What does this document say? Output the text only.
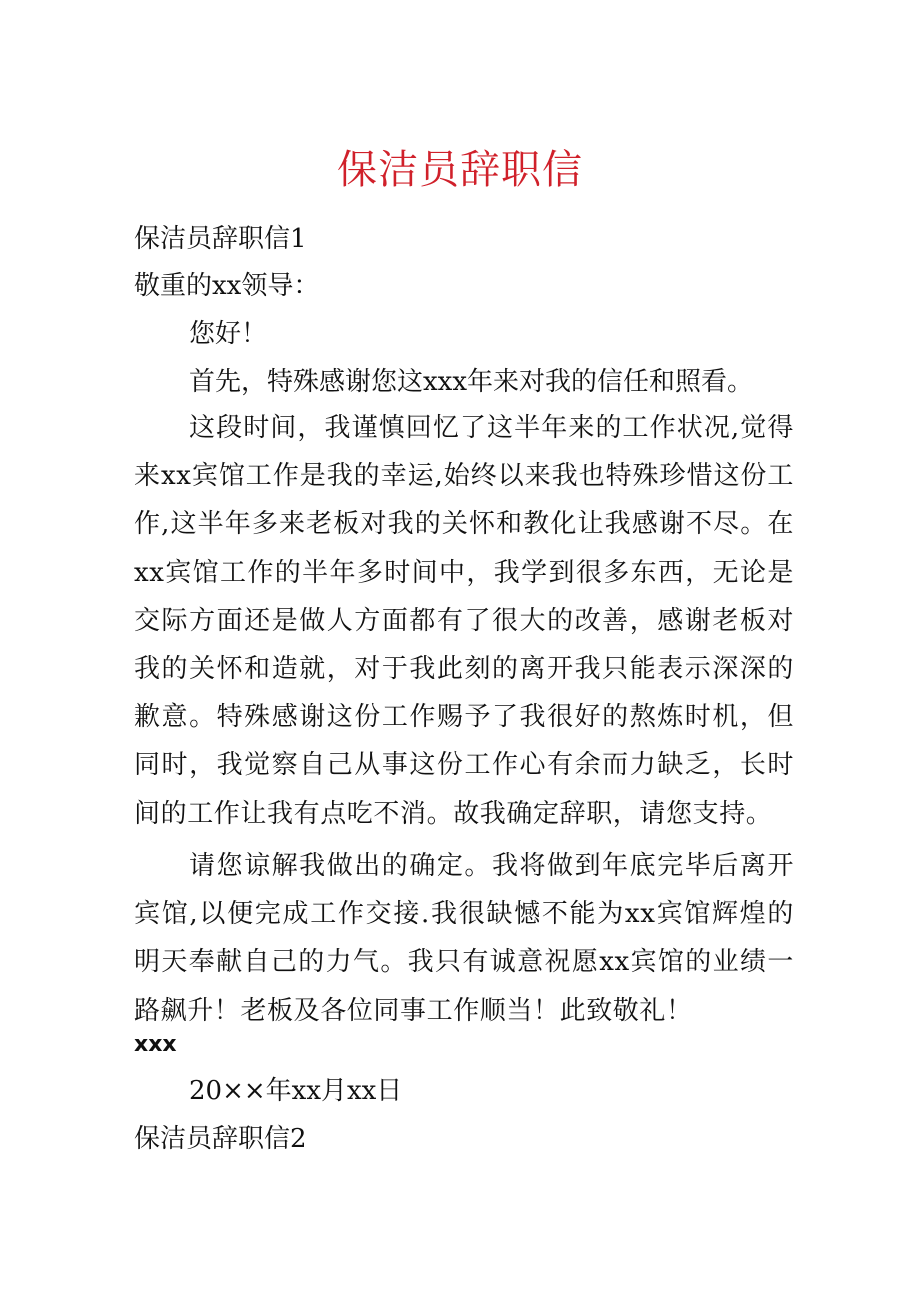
保洁员辞职信
保洁员辞职信1
敬重的xx领导：
您好！
首先，特殊感谢您这xxx年来对我的信任和照看。
这段时间，我谨慎回忆了这半年来的工作状况,觉得来xx宾馆工作是我的幸运,始终以来我也特殊珍惜这份工作,这半年多来老板对我的关怀和教化让我感谢不尽。在xx宾馆工作的半年多时间中，我学到很多东西，无论是交际方面还是做人方面都有了很大的改善，感谢老板对我的关怀和造就，对于我此刻的离开我只能表示深深的歉意。特殊感谢这份工作赐予了我很好的熬炼时机，但同时，我觉察自己从事这份工作心有余而力缺乏，长时间的工作让我有点吃不消。故我确定辞职，请您支持。
请您谅解我做出的确定。我将做到年底完毕后离开宾馆,以便完成工作交接.我很缺憾不能为xx宾馆辉煌的明天奉献自己的力气。我只有诚意祝愿xx宾馆的业绩一路飙升！老板及各位同事工作顺当！此致敬礼！
xxx
20××年xx月xx日
保洁员辞职信2
